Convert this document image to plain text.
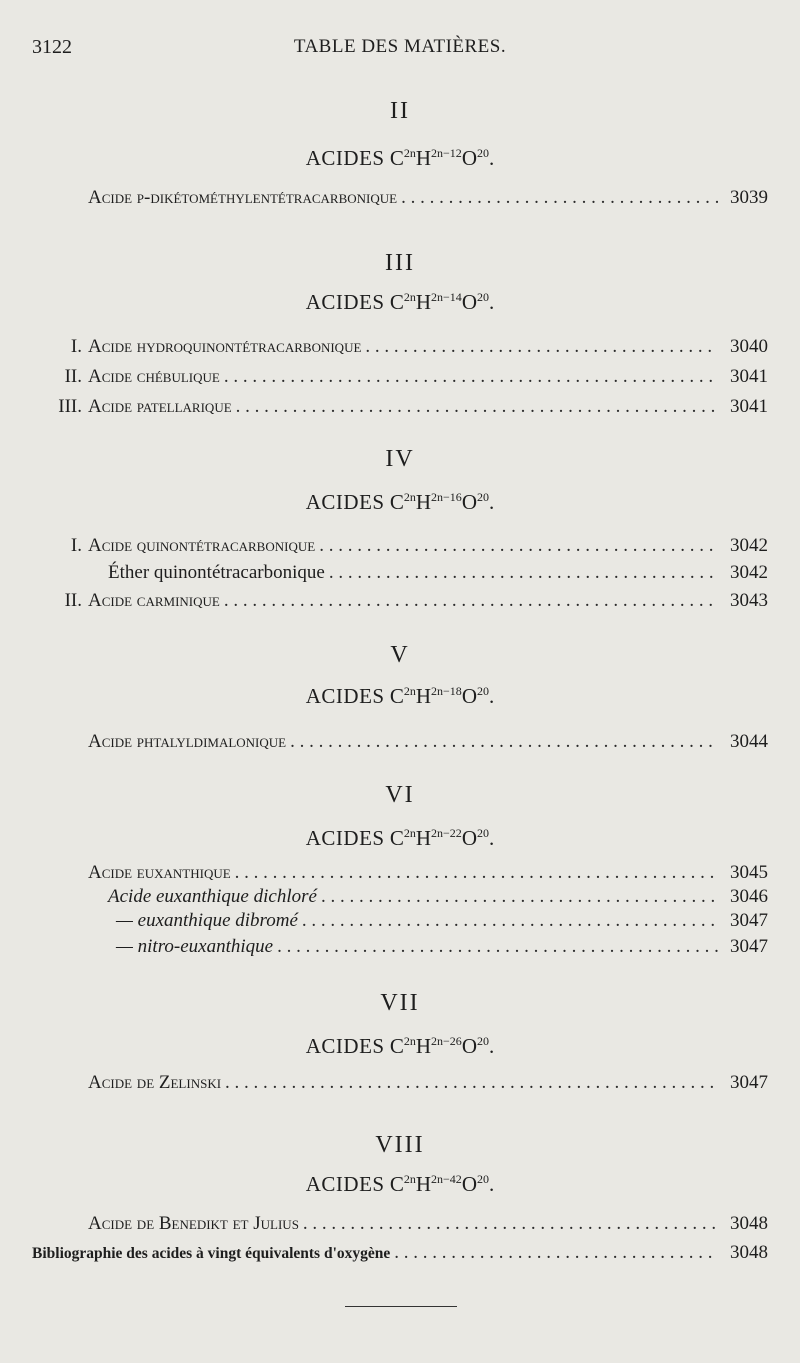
3122	TABLE DES MATIÈRES.
II
ACIDES $C^{2n}H^{2n-12}O^{20}$.
Acide p-dikétométhylentétracarbonique . . .	3039
III
ACIDES $C^{2n}H^{2n-14}O^{20}$.
I. Acide hydroquinontétracarbonique . . .	3040
II. Acide chébulique . . .	3041
III. Acide patellarique . . .	3041
IV
ACIDES $C^{2n}H^{2n-16}O^{20}$.
I. Acide quinontétracarbonique . . .	3042
Éther quinontétracarbonique . . .	3042
II. Acide carminique . . .	3043
V
ACIDES $C^{2n}H^{2n-18}O^{20}$.
Acide phtalyldimalonique . . .	3044
VI
ACIDES $C^{2n}H^{2n-22}O^{20}$.
Acide euxanthique . . .	3045
Acide euxanthique dichloré . . .	3046
— euxanthique dibromé . . .	3047
— nitro-euxanthique . . .	3047
VII
ACIDES $C^{2n}H^{2n-26}O^{20}$.
Acide de Zelinski . . .	3047
VIII
ACIDES $C^{2n}H^{2n-42}O^{20}$.
Acide de Benedikt et Julius . . .	3048
Bibliographie des acides à vingt équivalents d'oxygène . . .	3048
